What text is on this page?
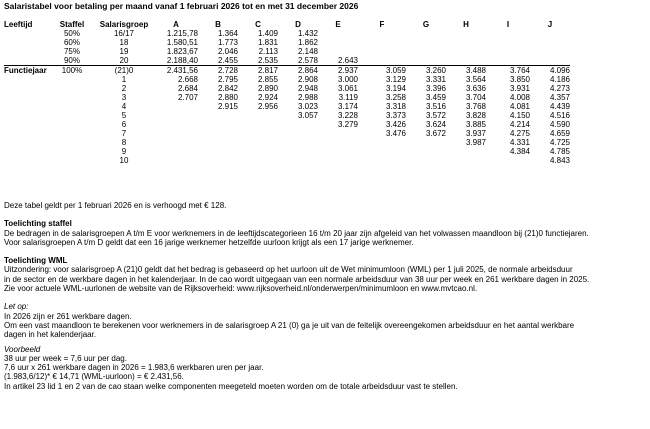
Salaristabel voor betaling per maand vanaf 1 februari 2026 tot en met 31 december 2026
Leeftijd	Staffel	Salarisgroep	A	B	C	D	E	F	G	H	I	J
	50%	16/17	1.215,78	1.364	1.409	1.432						
	60%	18	1.580,51	1.773	1.831	1.862						
	75%	19	1.823,67	2.046	2.113	2.148						
	90%	20	2.188,40	2.455	2.535	2.578	2.643					
Functiejaar	100%	(21)0	2.431,56	2.728	2.817	2.864	2.937	3.059	3.260	3.488	3.764	4.096
		1	2.668	2.795	2.855	2.908	3.000	3.129	3.331	3.564	3.850	4.186
		2	2.684	2.842	2.890	2.948	3.061	3.194	3.396	3.636	3.931	4.273
		3	2.707	2.880	2.924	2.988	3.119	3.258	3.459	3.704	4.008	4.357
		4		2.915	2.956	3.023	3.174	3.318	3.516	3.768	4.081	4.439
		5				3.057	3.228	3.373	3.572	3.828	4.150	4.516
		6					3.279	3.426	3.624	3.885	4.214	4.590
		7						3.476	3.672	3.937	4.275	4.659
		8								3.987	4.331	4.725
		9									4.384	4.785
		10										4.843

Deze tabel geldt per 1 februari 2026 en is verhoogd met € 128.

Toelichting staffel

De bedragen in de salarisgroepen A t/m E voor werknemers in de leeftijdscategorieen 16 t/m 20 jaar zijn afgeleid van het volwassen maandloon bij (21)0 functiejaren.

Voor salarisgroepen A t/m D geldt dat een 16 jarige werknemer hetzelfde uurloon krijgt als een 17 jarige werknemer.

Toelichting WML

Uitzondering: voor salarisgroep A (21)0 geldt dat het bedrag is gebaseerd op het uurloon uit de Wet minimumloon (WML) per 1 juli 2025, de normale arbeidsduur

in de sector en de werkbare dagen in het kalenderjaar. In de cao wordt uitgegaan van een normale arbeidsduur van 38 uur per week en 261 werkbare dagen in 2025.

Zie voor actuele WML-uurlonen de website van de Rijksoverheid: www.rijksoverheid.nl/onderwerpen/minimumloon en www.mvtcao.nl.

Let op:

In 2026 zijn er 261 werkbare dagen.

Om een vast maandloon te berekenen voor werknemers in de salarisgroep A 21 (0) ga je uit van de feitelijk overeengekomen arbeidsduur en het aantal werkbare

dagen in het kalenderjaar.

Voorbeeld

38 uur per week = 7,6 uur per dag.

7,6 uur x 261 werkbare dagen in 2026 = 1.983,6 werkbaren uren per jaar.

(1.983,6/12)* € 14,71 (WML-uurloon) = € 2.431,56.

In artikel 23 lid 1 en 2 van de cao staan welke componenten meegeteld moeten worden om de totale arbeidsduur vast te stellen.
